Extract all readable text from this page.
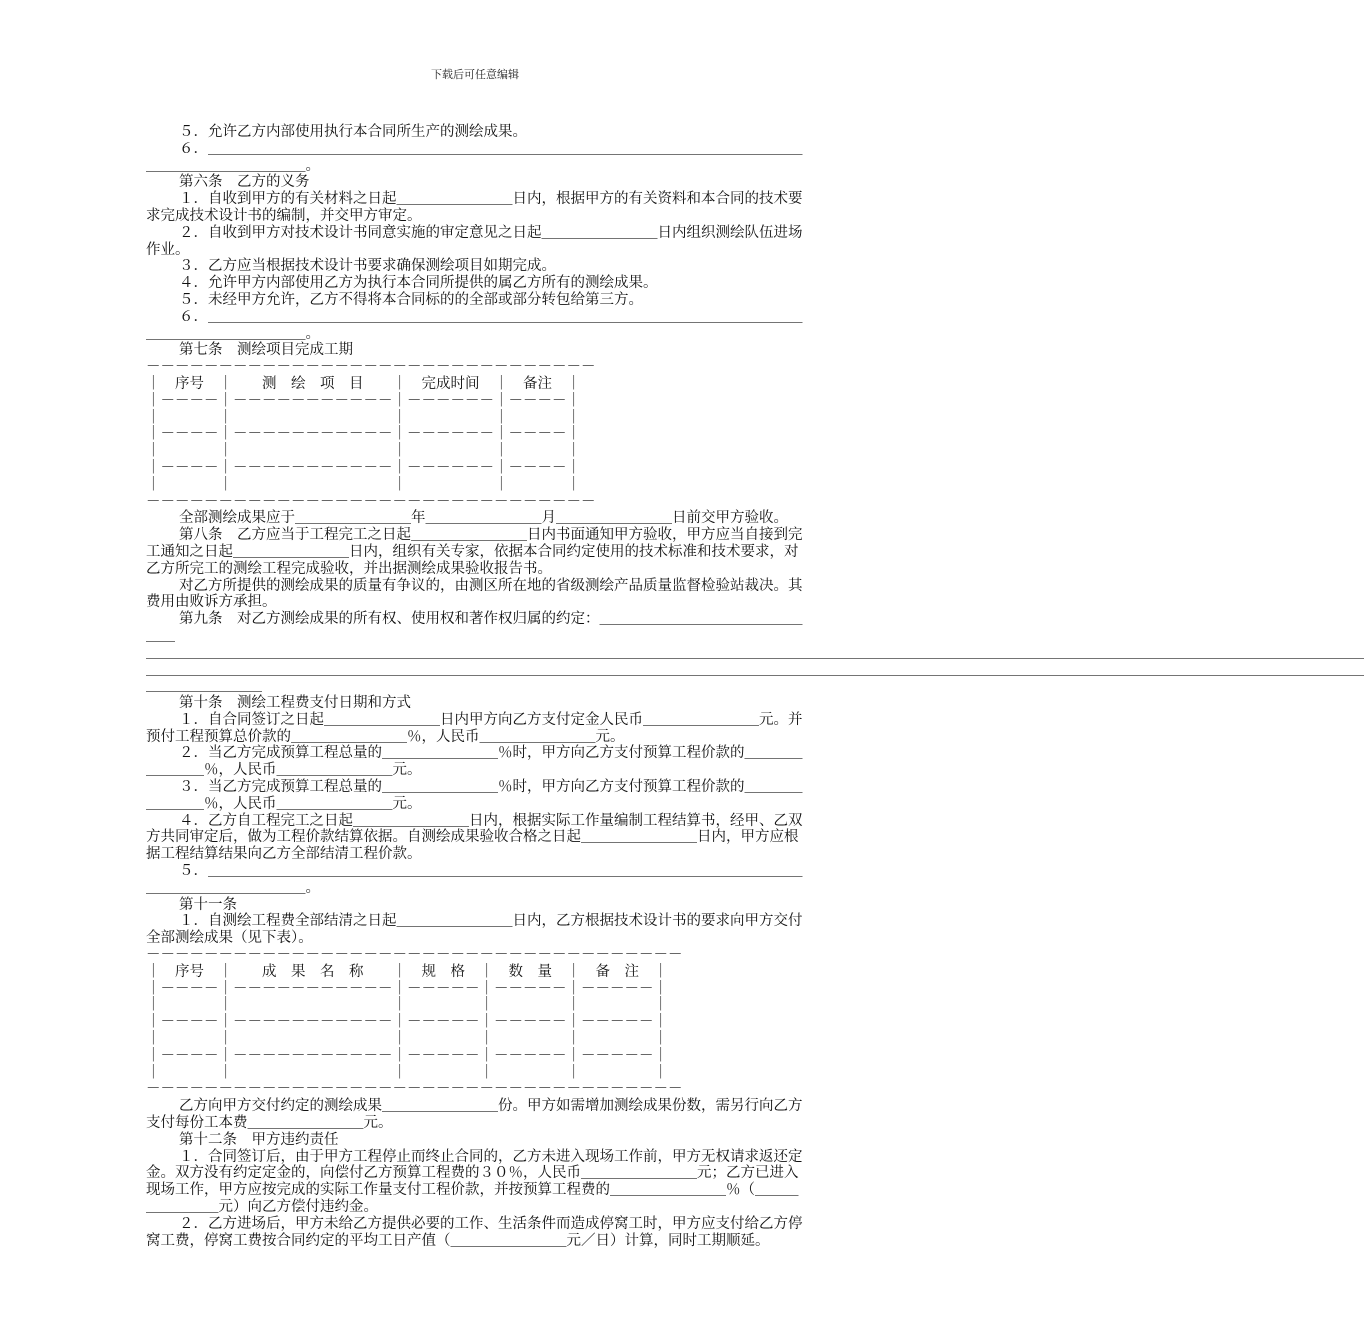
下载后可任意编辑

５．允许乙方内部使用执行本合同所生产的测绘成果。

６．＿＿＿＿＿＿＿＿＿＿＿＿＿＿＿＿＿＿＿＿＿＿＿＿＿＿＿＿＿＿＿＿＿＿＿＿＿＿＿＿＿＿＿＿＿＿＿＿＿＿＿＿。

第六条　乙方的义务

１．自收到甲方的有关材料之日起＿＿＿＿＿＿＿＿日内，根据甲方的有关资料和本合同的技术要求完成技术设计书的编制，并交甲方审定。

２．自收到甲方对技术设计书同意实施的审定意见之日起＿＿＿＿＿＿＿＿日内组织测绘队伍进场作业。

３．乙方应当根据技术设计书要求确保测绘项目如期完成。

４．允许甲方内部使用乙方为执行本合同所提供的属乙方所有的测绘成果。

５．未经甲方允许，乙方不得将本合同标的的全部或部分转包给第三方。

６．＿＿＿＿＿＿＿＿＿＿＿＿＿＿＿＿＿＿＿＿＿＿＿＿＿＿＿＿＿＿＿＿＿＿＿＿＿＿＿＿＿＿＿＿＿＿＿＿＿＿＿＿。

第七条　测绘项目完成工期

－－－－－－－－－－－－－－－－－－－－－－－－－－－－－－－
｜　序号　｜　　测　绘　项　目　　｜　完成时间　｜　备注　｜
｜－－－－｜－－－－－－－－－－－｜－－－－－－｜－－－－｜
｜　　　　｜　　　　　　　　　　　｜　　　　　　｜　　　　｜
｜－－－－｜－－－－－－－－－－－｜－－－－－－｜－－－－｜
｜　　　　｜　　　　　　　　　　　｜　　　　　　｜　　　　｜
｜－－－－｜－－－－－－－－－－－｜－－－－－－｜－－－－｜
｜　　　　｜　　　　　　　　　　　｜　　　　　　｜　　　　｜
－－－－－－－－－－－－－－－－－－－－－－－－－－－－－－－

全部测绘成果应于＿＿＿＿＿＿＿＿年＿＿＿＿＿＿＿＿月＿＿＿＿＿＿＿＿日前交甲方验收。

第八条　乙方应当于工程完工之日起＿＿＿＿＿＿＿＿日内书面通知甲方验收，甲方应当自接到完工通知之日起＿＿＿＿＿＿＿＿日内，组织有关专家，依据本合同约定使用的技术标准和技术要求，对乙方所完工的测绘工程完成验收，并出据测绘成果验收报告书。

对乙方所提供的测绘成果的质量有争议的，由测区所在地的省级测绘产品质量监督检验站裁决。其费用由败诉方承担。

第九条　对乙方测绘成果的所有权、使用权和著作权归属的约定：＿＿＿＿＿＿＿＿＿＿＿＿＿＿＿＿

＿＿＿＿＿＿＿＿＿＿＿＿＿＿＿＿＿＿＿＿＿＿＿＿＿＿＿＿＿＿＿＿＿＿＿＿＿＿＿＿＿＿＿＿＿＿＿＿＿＿＿＿＿＿＿＿＿＿＿＿＿＿＿＿＿＿＿＿＿＿＿＿＿＿＿＿＿＿＿＿＿＿＿＿

＿＿＿＿＿＿＿＿＿＿＿＿＿＿＿＿＿＿＿＿＿＿＿＿＿＿＿＿＿＿＿＿＿＿＿＿＿＿＿＿＿＿＿＿＿＿＿＿＿＿＿＿＿＿＿＿＿＿＿＿＿＿＿＿＿＿＿＿＿＿＿＿＿＿＿＿＿＿＿＿＿＿＿＿

＿＿＿＿＿＿＿＿

第十条　测绘工程费支付日期和方式

１．自合同签订之日起＿＿＿＿＿＿＿＿日内甲方向乙方支付定金人民币＿＿＿＿＿＿＿＿元。并预付工程预算总价款的＿＿＿＿＿＿＿＿％，人民币＿＿＿＿＿＿＿＿元。

２．当乙方完成预算工程总量的＿＿＿＿＿＿＿＿％时，甲方向乙方支付预算工程价款的＿＿＿＿＿＿＿＿％，人民币＿＿＿＿＿＿＿＿元。

３．当乙方完成预算工程总量的＿＿＿＿＿＿＿＿％时，甲方向乙方支付预算工程价款的＿＿＿＿＿＿＿＿％，人民币＿＿＿＿＿＿＿＿元。

４．乙方自工程完工之日起＿＿＿＿＿＿＿＿日内，根据实际工作量编制工程结算书，经甲、乙双方共同审定后，做为工程价款结算依据。自测绘成果验收合格之日起＿＿＿＿＿＿＿＿日内，甲方应根据工程结算结果向乙方全部结清工程价款。

５．＿＿＿＿＿＿＿＿＿＿＿＿＿＿＿＿＿＿＿＿＿＿＿＿＿＿＿＿＿＿＿＿＿＿＿＿＿＿＿＿＿＿＿＿＿＿＿＿＿＿＿＿。

第十一条

１．自测绘工程费全部结清之日起＿＿＿＿＿＿＿＿日内，乙方根据技术设计书的要求向甲方交付全部测绘成果（见下表）。

－－－－－－－－－－－－－－－－－－－－－－－－－－－－－－－－－－－－－
｜　序号　｜　　成　果　名　称　　｜　规　格　｜　数　量　｜　备　注　｜
｜－－－－｜－－－－－－－－－－－｜－－－－－｜－－－－－｜－－－－－｜
｜　　　　｜　　　　　　　　　　　｜　　　　　｜　　　　　｜　　　　　｜
｜－－－－｜－－－－－－－－－－－｜－－－－－｜－－－－－｜－－－－－｜
｜　　　　｜　　　　　　　　　　　｜　　　　　｜　　　　　｜　　　　　｜
｜－－－－｜－－－－－－－－－－－｜－－－－－｜－－－－－｜－－－－－｜
｜　　　　｜　　　　　　　　　　　｜　　　　　｜　　　　　｜　　　　　｜
－－－－－－－－－－－－－－－－－－－－－－－－－－－－－－－－－－－－－

乙方向甲方交付约定的测绘成果＿＿＿＿＿＿＿＿份。甲方如需增加测绘成果份数，需另行向乙方支付每份工本费＿＿＿＿＿＿＿＿元。

第十二条　甲方违约责任

１．合同签订后，由于甲方工程停止而终止合同的，乙方未进入现场工作前，甲方无权请求返还定金。双方没有约定定金的，向偿付乙方预算工程费的３０％，人民币＿＿＿＿＿＿＿＿元；乙方已进入现场工作，甲方应按完成的实际工作量支付工程价款，并按预算工程费的＿＿＿＿＿＿＿＿％（＿＿＿＿＿＿＿＿元）向乙方偿付违约金。

２．乙方进场后，甲方未给乙方提供必要的工作、生活条件而造成停窝工时，甲方应支付给乙方停窝工费，停窝工费按合同约定的平均工日产值（＿＿＿＿＿＿＿＿元／日）计算，同时工期顺延。
